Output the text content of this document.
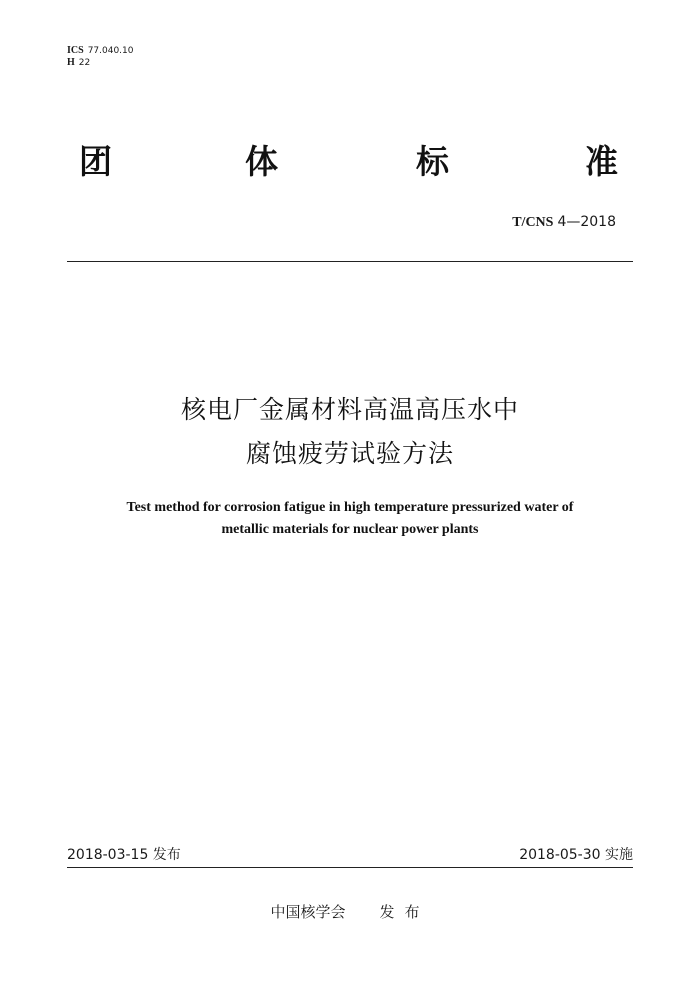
ICS 77.040.10
H 22
团	体	标	准
T/CNS 4—2018
核电厂金属材料高温高压水中
腐蚀疲劳试验方法
Test method for corrosion fatigue in high temperature pressurized water of
metallic materials for nuclear power plants
2018-03-15 发布	2018-05-30 实施
中国核学会 发布
